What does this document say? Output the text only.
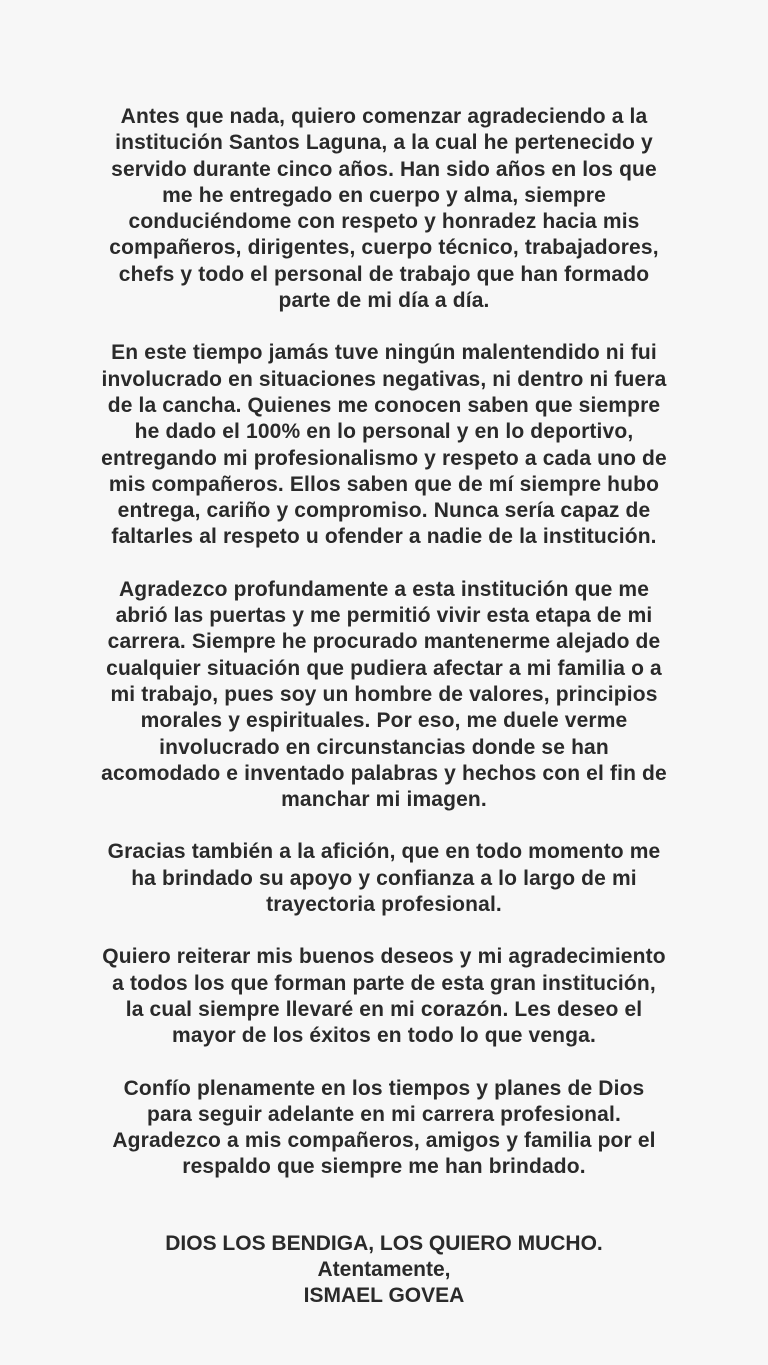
Antes que nada, quiero comenzar agradeciendo a la
institución Santos Laguna, a la cual he pertenecido y
servido durante cinco años. Han sido años en los que
me he entregado en cuerpo y alma, siempre
conduciéndome con respeto y honradez hacia mis
compañeros, dirigentes, cuerpo técnico, trabajadores,
chefs y todo el personal de trabajo que han formado
parte de mi día a día.

En este tiempo jamás tuve ningún malentendido ni fui
involucrado en situaciones negativas, ni dentro ni fuera
de la cancha. Quienes me conocen saben que siempre
he dado el 100% en lo personal y en lo deportivo,
entregando mi profesionalismo y respeto a cada uno de
mis compañeros. Ellos saben que de mí siempre hubo
entrega, cariño y compromiso. Nunca sería capaz de
faltarles al respeto u ofender a nadie de la institución.

Agradezco profundamente a esta institución que me
abrió las puertas y me permitió vivir esta etapa de mi
carrera. Siempre he procurado mantenerme alejado de
cualquier situación que pudiera afectar a mi familia o a
mi trabajo, pues soy un hombre de valores, principios
morales y espirituales. Por eso, me duele verme
involucrado en circunstancias donde se han
acomodado e inventado palabras y hechos con el fin de
manchar mi imagen.

Gracias también a la afición, que en todo momento me
ha brindado su apoyo y confianza a lo largo de mi
trayectoria profesional.

Quiero reiterar mis buenos deseos y mi agradecimiento
a todos los que forman parte de esta gran institución,
la cual siempre llevaré en mi corazón. Les deseo el
mayor de los éxitos en todo lo que venga.

Confío plenamente en los tiempos y planes de Dios
para seguir adelante en mi carrera profesional.
Agradezco a mis compañeros, amigos y familia por el
respaldo que siempre me han brindado.

DIOS LOS BENDIGA, LOS QUIERO MUCHO.
Atentamente,
ISMAEL GOVEA
